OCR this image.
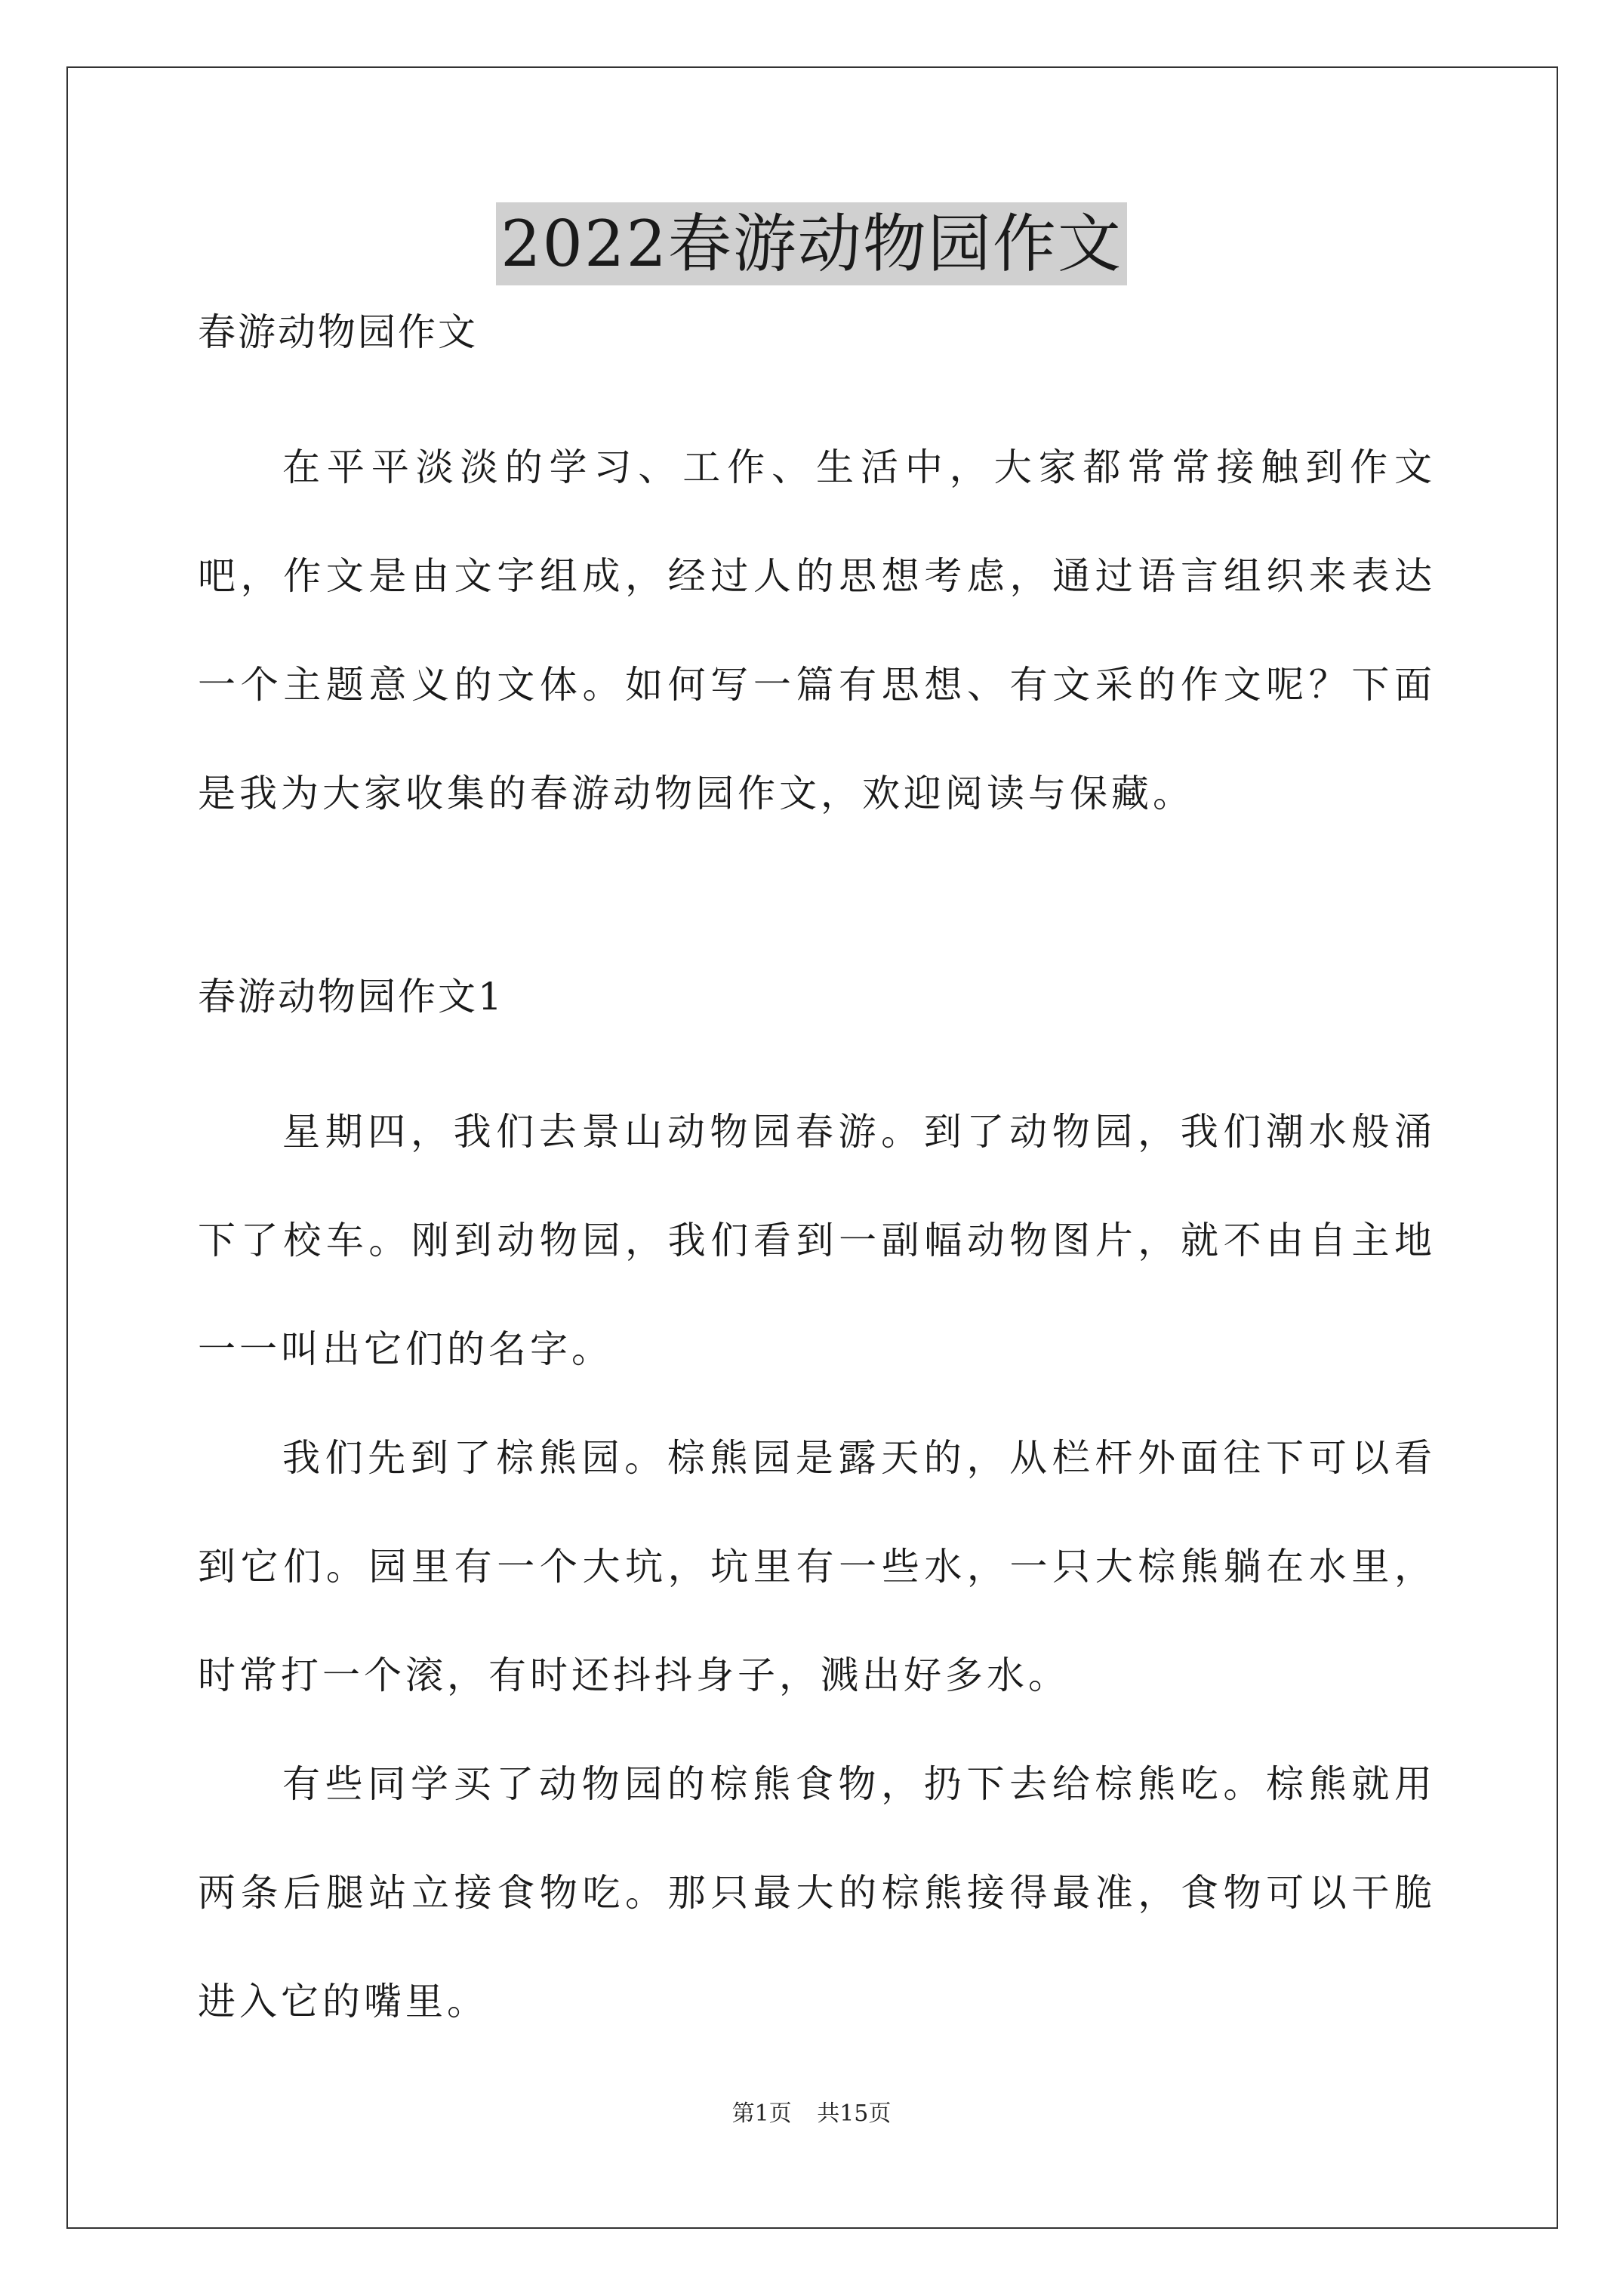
2022春游动物园作文

春游动物园作文

在平平淡淡的学习、工作、生活中，大家都常常接触到作文吧，作文是由文字组成，经过人的思想考虑，通过语言组织来表达一个主题意义的文体。如何写一篇有思想、有文采的作文呢？下面是我为大家收集的春游动物园作文，欢迎阅读与保藏。

春游动物园作文1

星期四，我们去景山动物园春游。到了动物园，我们潮水般涌下了校车。刚到动物园，我们看到一副幅动物图片，就不由自主地一一叫出它们的名字。

我们先到了棕熊园。棕熊园是露天的，从栏杆外面往下可以看到它们。园里有一个大坑，坑里有一些水，一只大棕熊躺在水里，时常打一个滚，有时还抖抖身子，溅出好多水。

有些同学买了动物园的棕熊食物，扔下去给棕熊吃。棕熊就用两条后腿站立接食物吃。那只最大的棕熊接得最准，食物可以干脆进入它的嘴里。

第1页 共15页
